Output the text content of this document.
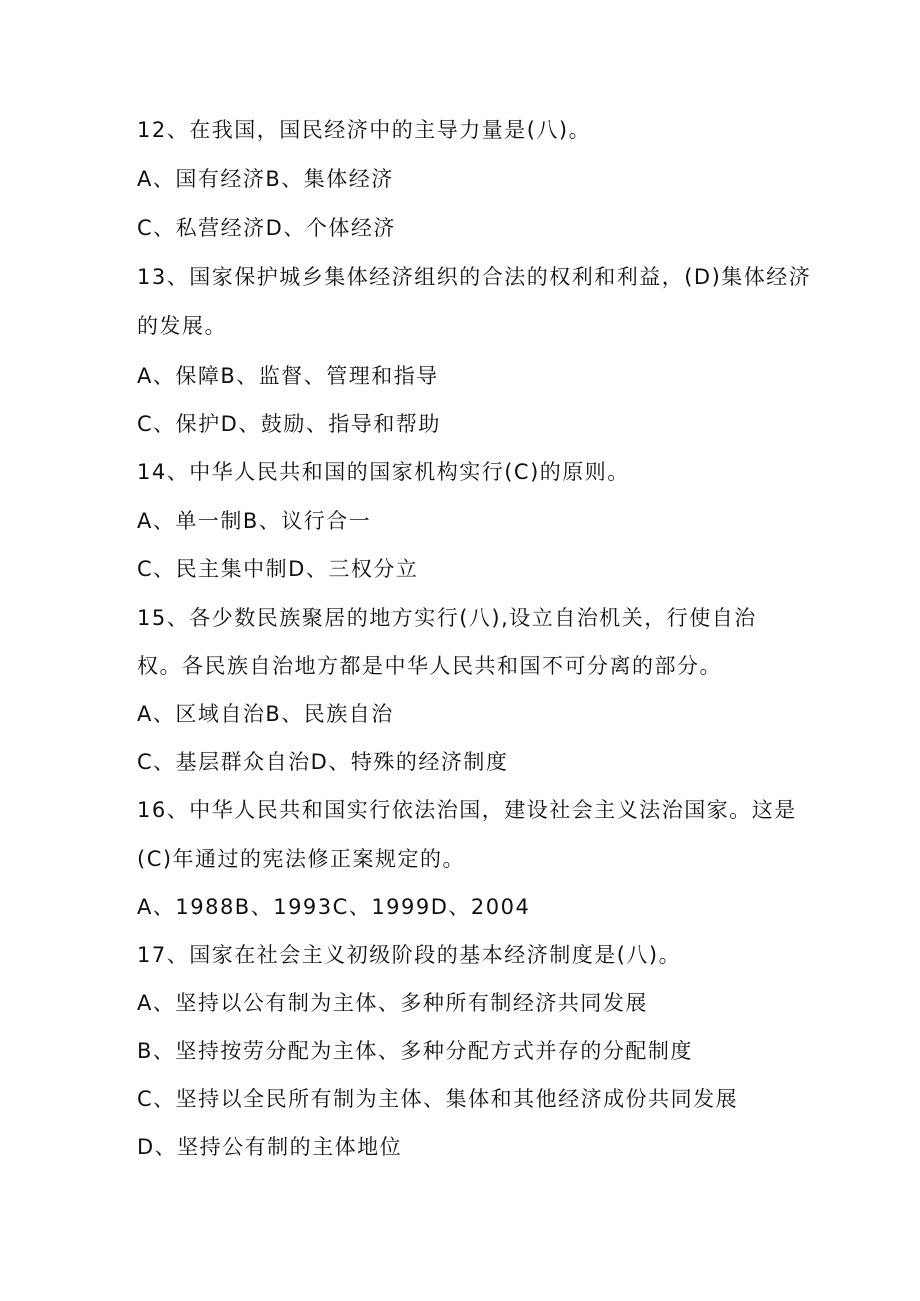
12、在我国，国民经济中的主导力量是(八)。
A、国有经济B、集体经济
C、私营经济D、个体经济
13、国家保护城乡集体经济组织的合法的权利和利益，(D)集体经济
的发展。
A、保障B、监督、管理和指导
C、保护D、鼓励、指导和帮助
14、中华人民共和国的国家机构实行(C)的原则。
A、单一制B、议行合一
C、民主集中制D、三权分立
15、各少数民族聚居的地方实行(八),设立自治机关，行使自治
权。各民族自治地方都是中华人民共和国不可分离的部分。
A、区域自治B、民族自治
C、基层群众自治D、特殊的经济制度
16、中华人民共和国实行依法治国，建设社会主义法治国家。这是
(C)年通过的宪法修正案规定的。
A、1988B、1993C、1999D、2004
17、国家在社会主义初级阶段的基本经济制度是(八)。
A、坚持以公有制为主体、多种所有制经济共同发展
B、坚持按劳分配为主体、多种分配方式并存的分配制度
C、坚持以全民所有制为主体、集体和其他经济成份共同发展
D、坚持公有制的主体地位
